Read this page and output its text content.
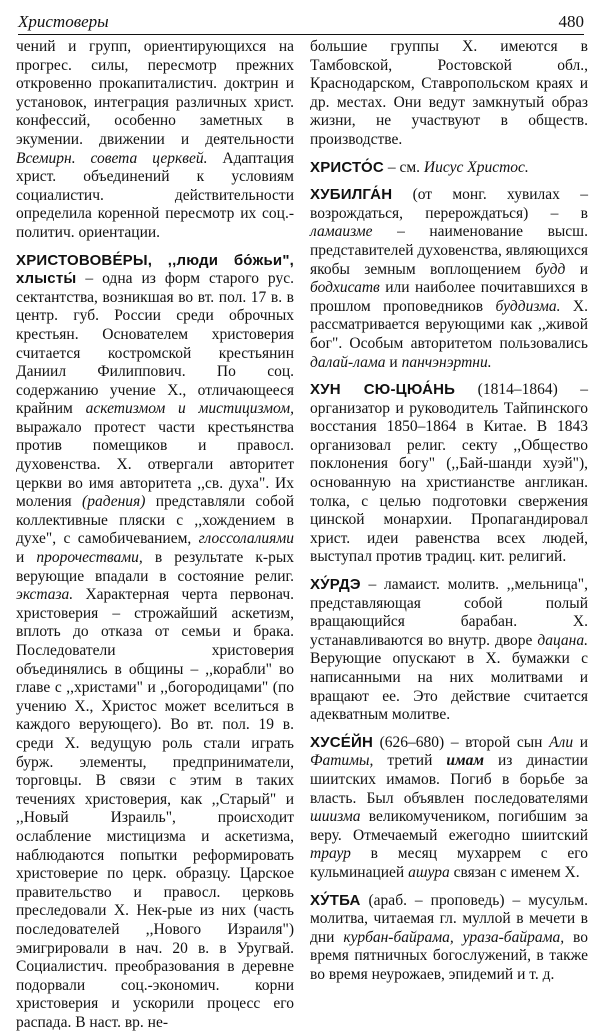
Христоверы	480

чений и групп, ориентирующихся на прогрес. силы, пересмотр прежних откровенно прокапиталистич. доктрин и установок, интеграция различных христ. конфессий, особенно заметных в экумении. движении и деятельности Всемирн. совета церквей. Адаптация христ. объединений к условиям социалистич. действительности определила коренной пересмотр их соц.-политич. ориентации.

ХРИСТОВОВЕ́РЫ, ,,люди бо́жьи", хлысты́ – одна из форм старого рус. сектантства, возникшая во вт. пол. 17 в. в центр. губ. России среди оброчных крестьян. Основателем христоверия считается костромской крестьянин Даниил Филиппович. По соц. содержанию учение Х., отличающееся крайним аскетизмом и мистицизмом, выражало протест части крестьянства против помещиков и правосл. духовенства. Х. отвергали авторитет церкви во имя авторитета ,,св. духа". Их моления (радения) представляли собой коллективные пляски с ,,хождением в духе", с самобичеванием, глоссолалиями и пророчествами, в результате к-рых верующие впадали в состояние религ. экстаза. Характерная черта первонач. христоверия – строжайший аскетизм, вплоть до отказа от семьи и брака. Последователи христоверия объединялись в общины – ,,корабли" во главе с ,,христами" и ,,богородицами" (по учению Х., Христос может вселиться в каждого верующего). Во вт. пол. 19 в. среди Х. ведущую роль стали играть бурж. элементы, предприниматели, торговцы. В связи с этим в таких течениях христоверия, как ,,Старый" и ,,Новый Израиль", происходит ослабление мистицизма и аскетизма, наблюдаются попытки реформировать христоверие по церк. образцу. Царское правительство и правосл. церковь преследовали Х. Нек-рые из них (часть последователей ,,Нового Израиля") эмигрировали в нач. 20 в. в Уругвай. Социалистич. преобразования в деревне подорвали соц.-экономич. корни христоверия и ускорили процесс его распада. В наст. вр. не-

большие группы Х. имеются в Тамбовской, Ростовской обл., Краснодарском, Ставропольском краях и др. местах. Они ведут замкнутый образ жизни, не участвуют в обществ. производстве.

ХРИСТО́С – см. Иисус Христос.

ХУБИЛГА́Н (от монг. хувилах – возрождаться, перерождаться) – в ламаизме – наименование высш. представителей духовенства, являющихся якобы земным воплощением будд и бодхисатв или наиболее почитавшихся в прошлом проповедников буддизма. Х. рассматривается верующими как ,,живой бог". Особым авторитетом пользовались далай-лама и панчэнэртни.

ХУН СЮ-ЦЮА́НЬ (1814–1864) – организатор и руководитель Тайпинского восстания 1850–1864 в Китае. В 1843 организовал религ. секту ,,Общество поклонения богу" (,,Бай-шанди хуэй"), основанную на христианстве англикан. толка, с целью подготовки свержения цинской монархии. Пропагандировал христ. идеи равенства всех людей, выступал против традиц. кит. религий.

ХУ́РДЭ – ламаист. молитв. ,,мельница", представляющая собой полый вращающийся барабан. Х. устанавливаются во внутр. дворе дацана. Верующие опускают в Х. бумажки с написанными на них молитвами и вращают ее. Это действие считается адекватным молитве.

ХУСЕ́ЙН (626–680) – второй сын Али и Фатимы, третий имам из династии шиитских имамов. Погиб в борьбе за власть. Был объявлен последователями шиизма великомучеником, погибшим за веру. Отмечаемый ежегодно шиитский траур в месяц мухаррем с его кульминацией ашура связан с именем Х.

ХУ́ТБА (араб. – проповедь) – мусульм. молитва, читаемая гл. муллой в мечети в дни курбан-байрама, ураза-байрама, во время пятничных богослужений, в также во время неурожаев, эпидемий и т. д.
